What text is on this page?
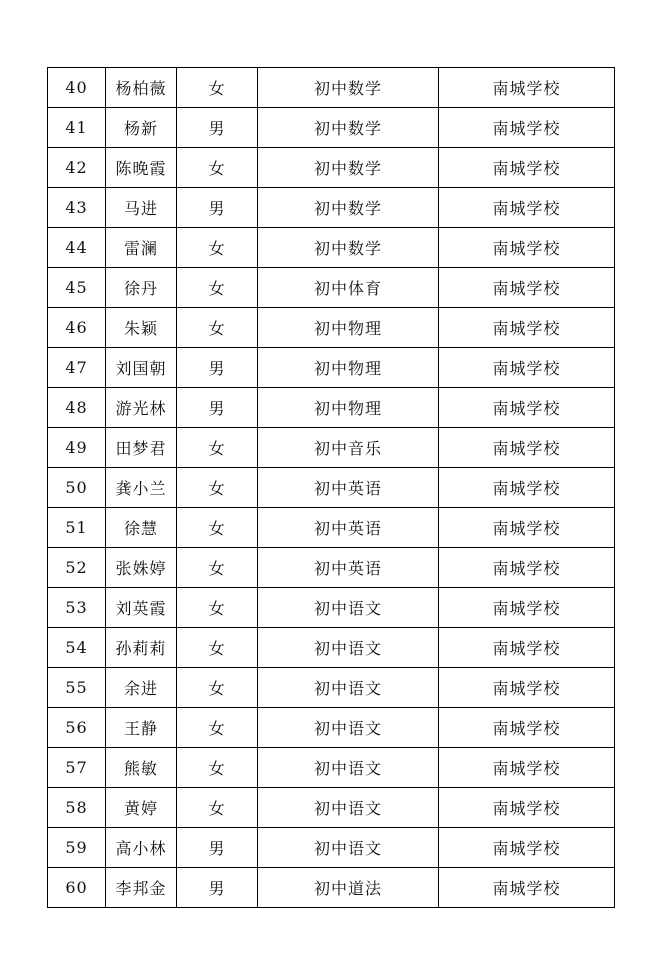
40	杨柏薇	女	初中数学	南城学校
41	杨新	男	初中数学	南城学校
42	陈晚霞	女	初中数学	南城学校
43	马进	男	初中数学	南城学校
44	雷澜	女	初中数学	南城学校
45	徐丹	女	初中体育	南城学校
46	朱颖	女	初中物理	南城学校
47	刘国朝	男	初中物理	南城学校
48	游光林	男	初中物理	南城学校
49	田梦君	女	初中音乐	南城学校
50	龚小兰	女	初中英语	南城学校
51	徐慧	女	初中英语	南城学校
52	张姝婷	女	初中英语	南城学校
53	刘英霞	女	初中语文	南城学校
54	孙莉莉	女	初中语文	南城学校
55	余进	女	初中语文	南城学校
56	王静	女	初中语文	南城学校
57	熊敏	女	初中语文	南城学校
58	黄婷	女	初中语文	南城学校
59	高小林	男	初中语文	南城学校
60	李邦金	男	初中道法	南城学校
